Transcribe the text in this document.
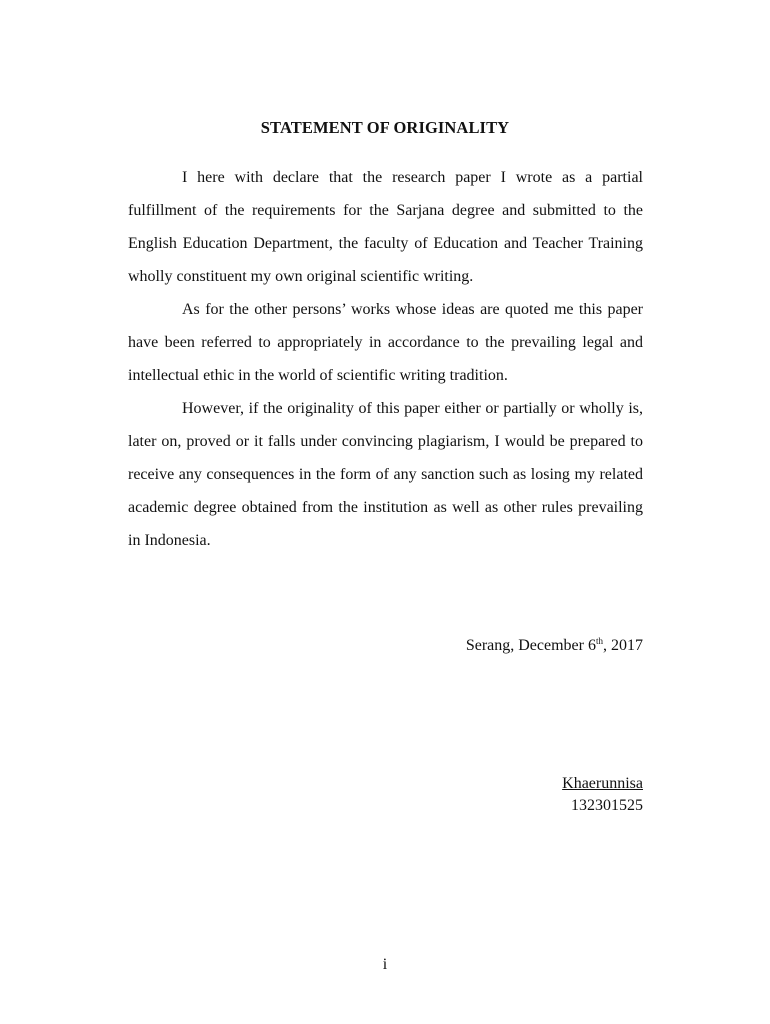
STATEMENT OF ORIGINALITY

I here with declare that the research paper I wrote as a partial fulfillment of the requirements for the Sarjana degree and submitted to the English Education Department, the faculty of Education and Teacher Training wholly constituent my own original scientific writing.

As for the other persons’ works whose ideas are quoted me this paper have been referred to appropriately in accordance to the prevailing legal and intellectual ethic in the world of scientific writing tradition.

However, if the originality of this paper either or partially or wholly is, later on, proved or it falls under convincing plagiarism, I would be prepared to receive any consequences in the form of any sanction such as losing my related academic degree obtained from the institution as well as other rules prevailing in Indonesia.

Serang, December 6th, 2017
Khaerunnisa
132301525
i
